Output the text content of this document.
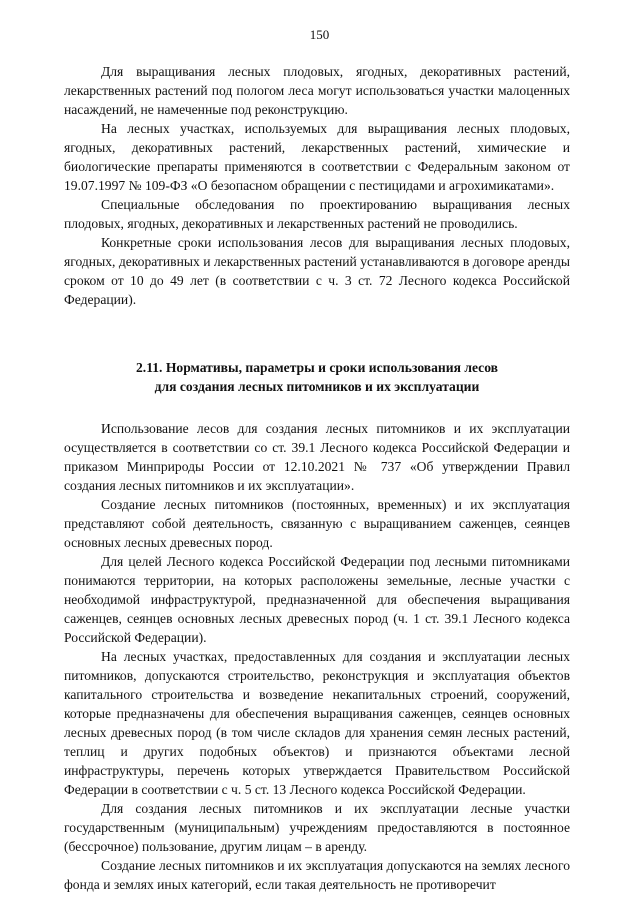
150

Для выращивания лесных плодовых, ягодных, декоративных растений, лекарственных растений под пологом леса могут использоваться участки малоценных насаждений, не намеченные под реконструкцию.

На лесных участках, используемых для выращивания лесных плодовых, ягодных, декоративных растений, лекарственных растений, химические и биологические препараты применяются в соответствии с Федеральным законом от 19.07.1997 № 109-ФЗ «О безопасном обращении с пестицидами и агрохимикатами».

Специальные обследования по проектированию выращивания лесных плодовых, ягодных, декоративных и лекарственных растений не проводились.

Конкретные сроки использования лесов для выращивания лесных плодовых, ягодных, декоративных и лекарственных растений устанавливаются в договоре аренды сроком от 10 до 49 лет (в соответствии с ч. 3 ст. 72 Лесного кодекса Российской Федерации).

2.11. Нормативы, параметры и сроки использования лесов
для создания лесных питомников и их эксплуатации

Использование лесов для создания лесных питомников и их эксплуатации осуществляется в соответствии со ст. 39.1 Лесного кодекса Российской Федерации и приказом Минприроды России от 12.10.2021 № 737 «Об утверждении Правил создания лесных питомников и их эксплуатации».

Создание лесных питомников (постоянных, временных) и их эксплуатация представляют собой деятельность, связанную с выращиванием саженцев, сеянцев основных лесных древесных пород.

Для целей Лесного кодекса Российской Федерации под лесными питомниками понимаются территории, на которых расположены земельные, лесные участки с необходимой инфраструктурой, предназначенной для обеспечения выращивания саженцев, сеянцев основных лесных древесных пород (ч. 1 ст. 39.1 Лесного кодекса Российской Федерации).

На лесных участках, предоставленных для создания и эксплуатации лесных питомников, допускаются строительство, реконструкция и эксплуатация объектов капитального строительства и возведение некапитальных строений, сооружений, которые предназначены для обеспечения выращивания саженцев, сеянцев основных лесных древесных пород (в том числе складов для хранения семян лесных растений, теплиц и других подобных объектов) и признаются объектами лесной инфраструктуры, перечень которых утверждается Правительством Российской Федерации в соответствии с ч. 5 ст. 13 Лесного кодекса Российской Федерации.

Для создания лесных питомников и их эксплуатации лесные участки государственным (муниципальным) учреждениям предоставляются в постоянное (бессрочное) пользование, другим лицам – в аренду.

Создание лесных питомников и их эксплуатация допускаются на землях лесного фонда и землях иных категорий, если такая деятельность не противоречит
